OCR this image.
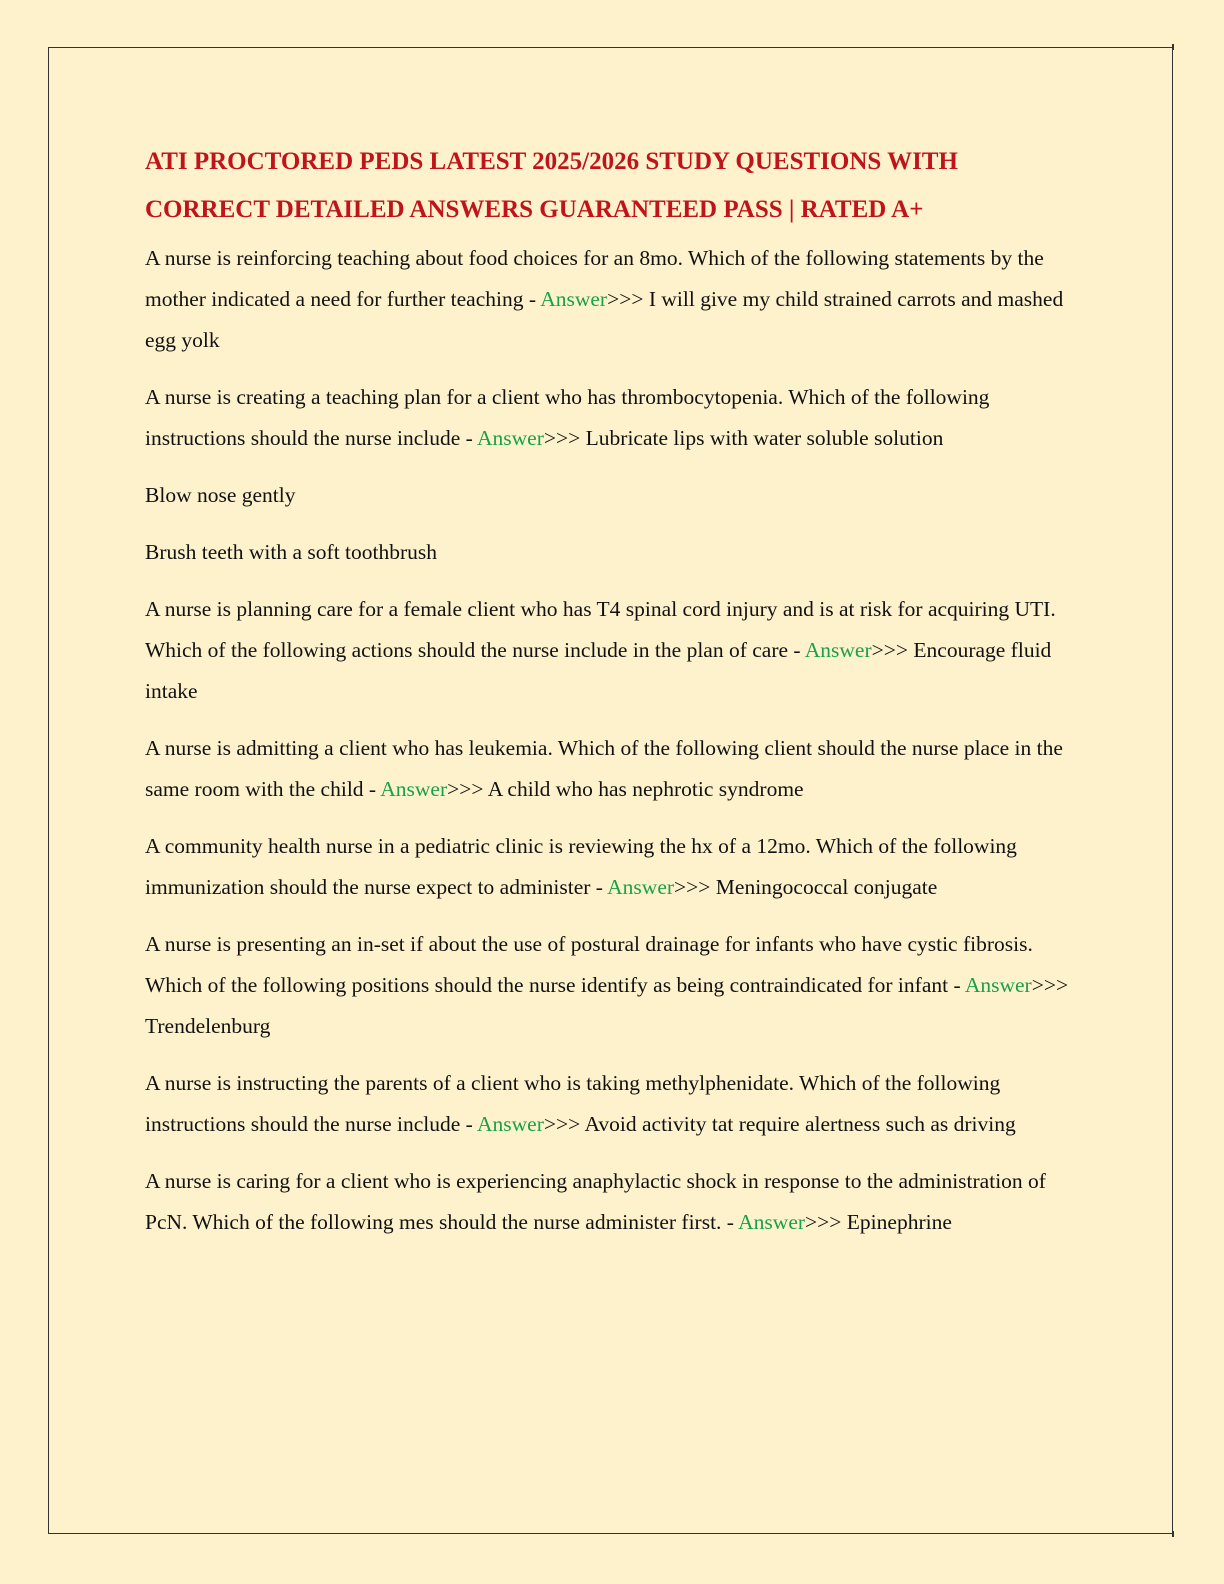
ATI PROCTORED PEDS LATEST 2025/2026 STUDY QUESTIONS WITH CORRECT DETAILED ANSWERS GUARANTEED PASS | RATED A+

A nurse is reinforcing teaching about food choices for an 8mo. Which of the following statements by the mother indicated a need for further teaching - Answer>>> I will give my child strained carrots and mashed egg yolk

A nurse is creating a teaching plan for a client who has thrombocytopenia. Which of the following instructions should the nurse include - Answer>>> Lubricate lips with water soluble solution

Blow nose gently

Brush teeth with a soft toothbrush

A nurse is planning care for a female client who has T4 spinal cord injury and is at risk for acquiring UTI. Which of the following actions should the nurse include in the plan of care - Answer>>> Encourage fluid intake

A nurse is admitting a client who has leukemia. Which of the following client should the nurse place in the same room with the child - Answer>>> A child who has nephrotic syndrome

A community health nurse in a pediatric clinic is reviewing the hx of a 12mo. Which of the following immunization should the nurse expect to administer - Answer>>> Meningococcal conjugate

A nurse is presenting an in-set if about the use of postural drainage for infants who have cystic fibrosis. Which of the following positions should the nurse identify as being contraindicated for infant - Answer>>> Trendelenburg

A nurse is instructing the parents of a client who is taking methylphenidate. Which of the following instructions should the nurse include - Answer>>> Avoid activity tat require alertness such as driving

A nurse is caring for a client who is experiencing anaphylactic shock in response to the administration of PcN. Which of the following mes should the nurse administer first. - Answer>>> Epinephrine
